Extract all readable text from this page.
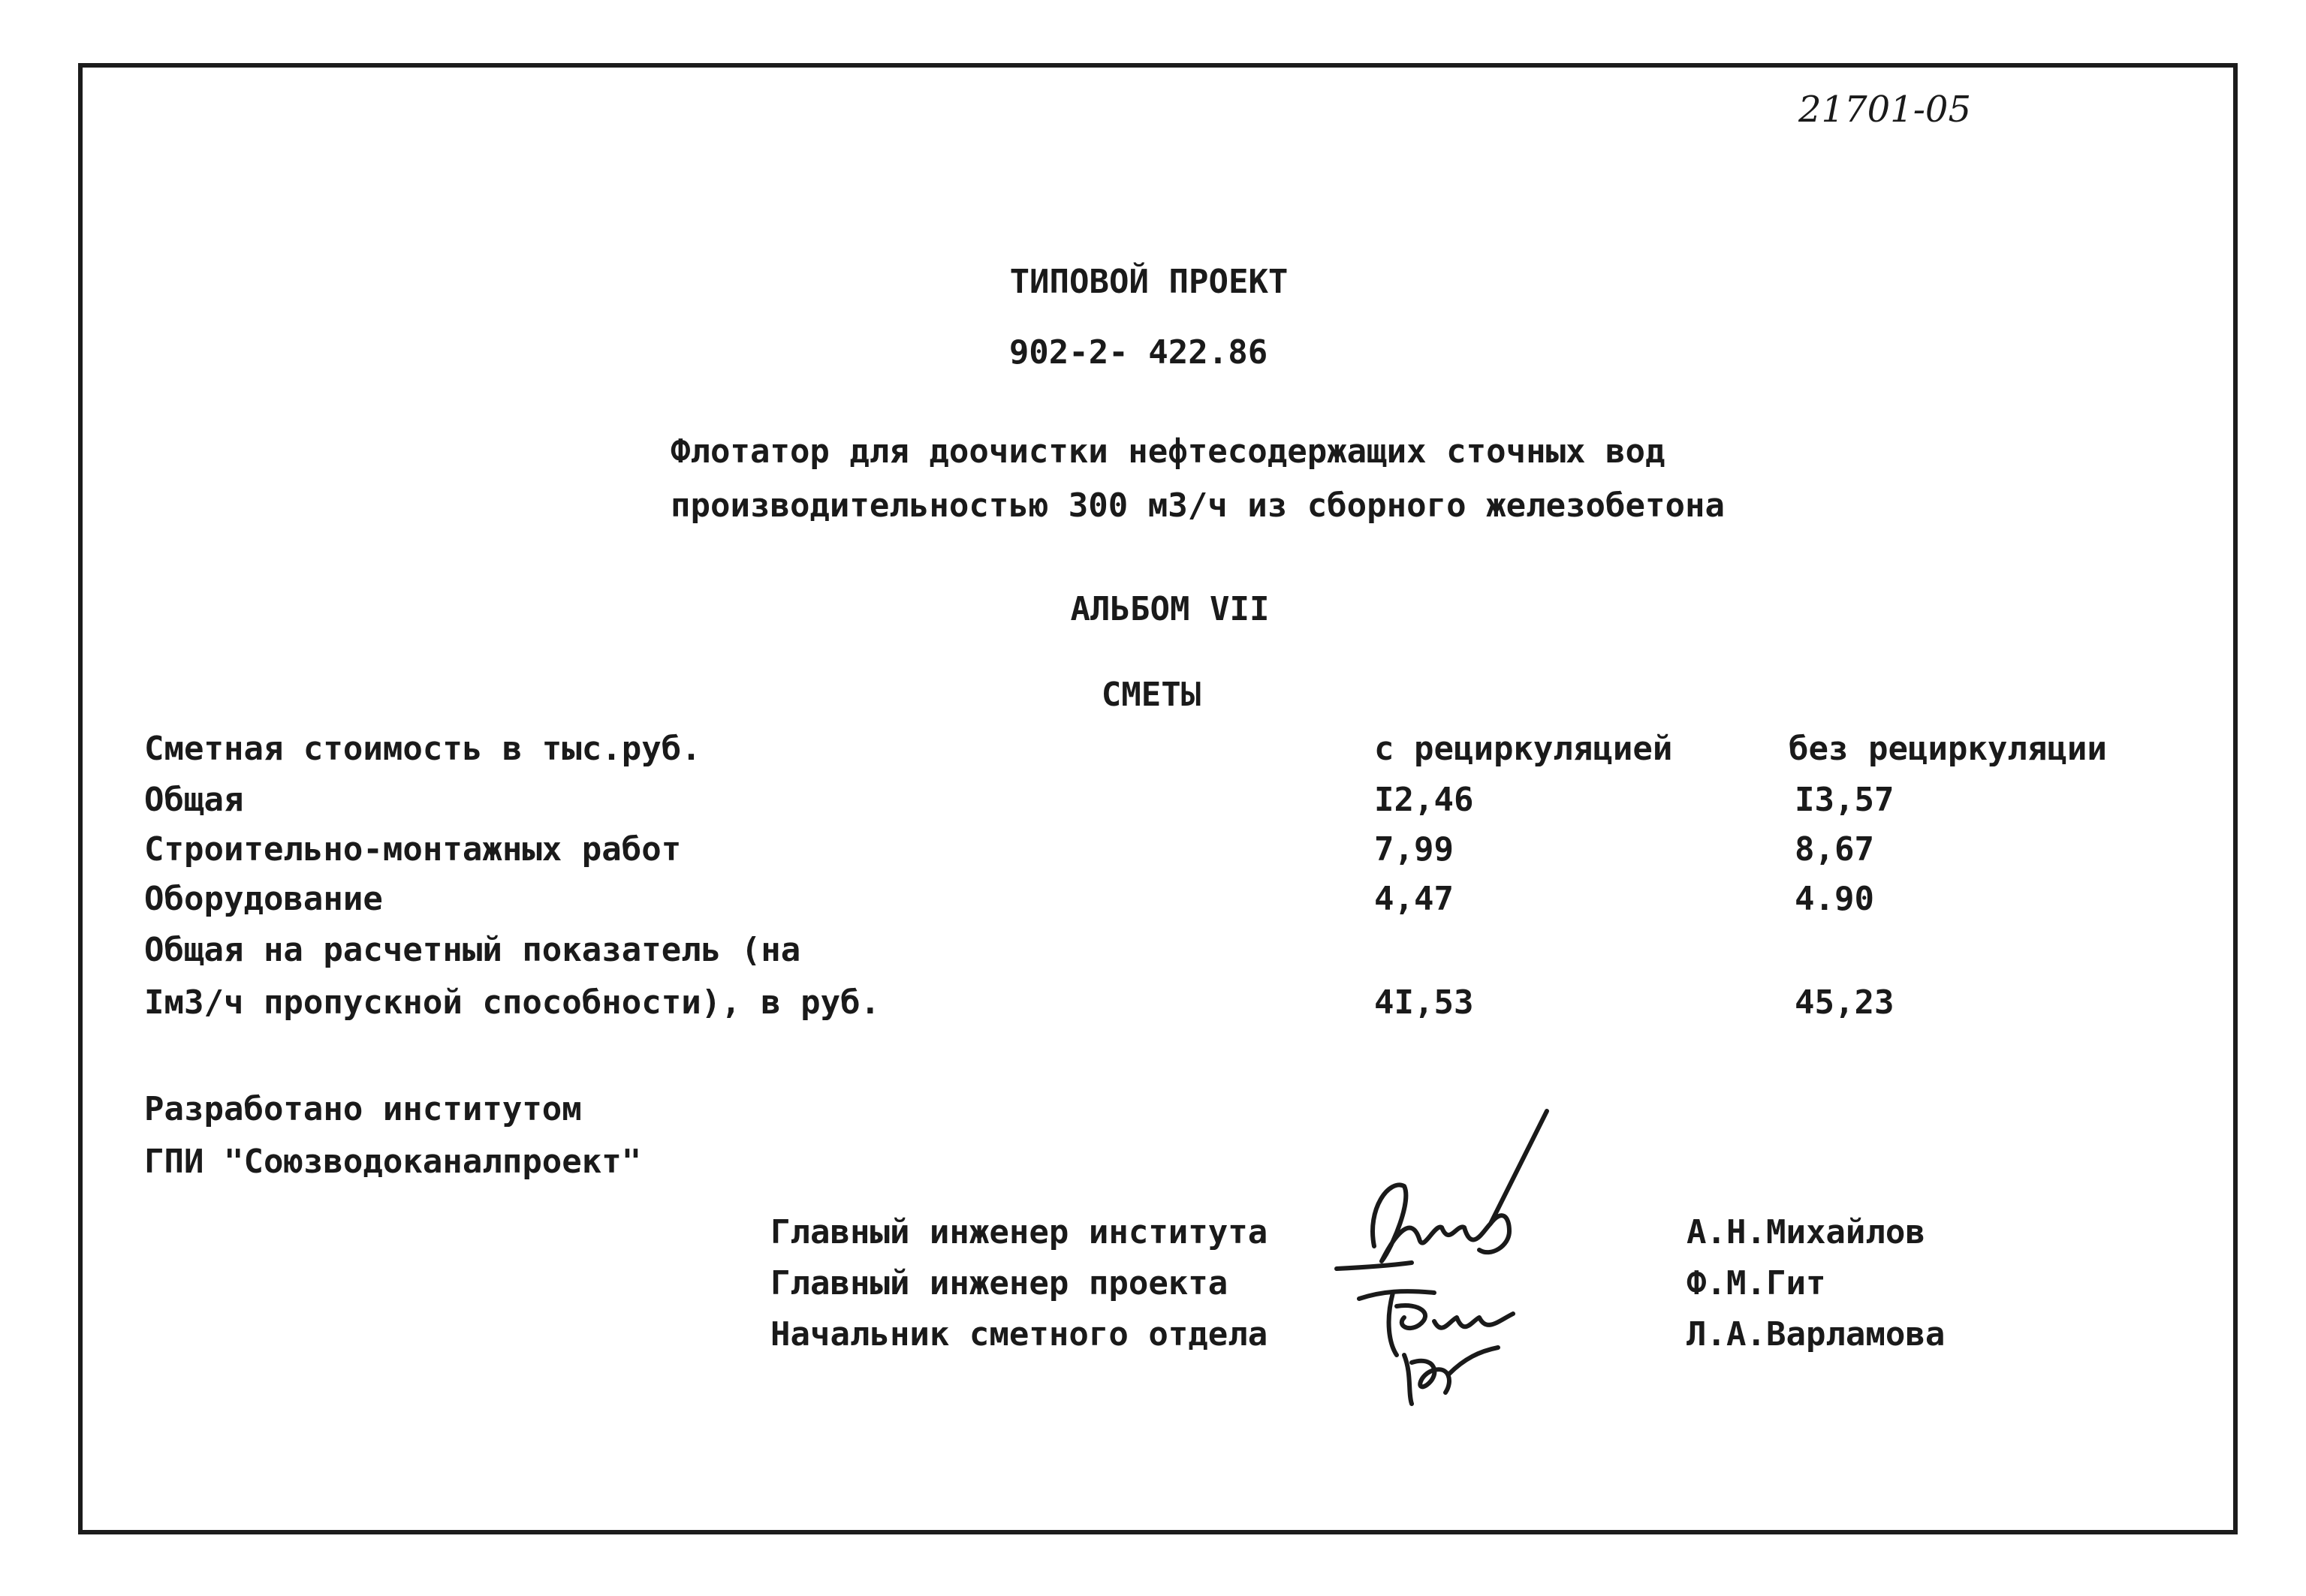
21701-05
ТИПОВОЙ ПРОЕКТ
902-2- 422.86
Флотатор для доочистки нефтесодержащих сточных вод
производительностью 300 м3/ч из сборного железобетона
АЛЬБОМ VII
СМЕТЫ
Сметная стоимость в тыс.руб.	с рециркуляцией	без рециркуляции
Общая	I2,46	I3,57
Строительно-монтажных работ	7,99	8,67
Оборудование	4,47	4.90
Общая на расчетный показатель (на
Iм3/ч пропускной способности), в руб.	4I,53	45,23
Разработано институтом
ГПИ "Союзводоканалпроект"
Главный инженер института	А.Н.Михайлов
Главный инженер проекта	Ф.М.Гит
Начальник сметного отдела	Л.А.Варламова
